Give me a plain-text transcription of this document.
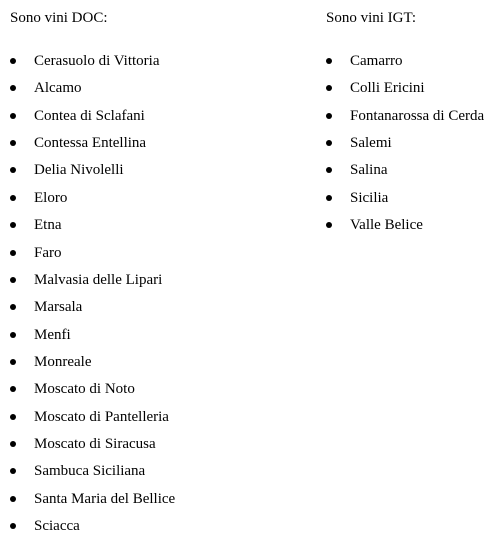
Sono vini DOC:

Cerasuolo di Vittoria
Alcamo
Contea di Sclafani
Contessa Entellina
Delia Nivolelli
Eloro
Etna
Faro
Malvasia delle Lipari
Marsala
Menfi
Monreale
Moscato di Noto
Moscato di Pantelleria
Moscato di Siracusa
Sambuca Siciliana
Santa Maria del Bellice
Sciacca

Sono vini IGT:

Camarro
Colli Ericini
Fontanarossa di Cerda
Salemi
Salina
Sicilia
Valle Belice
